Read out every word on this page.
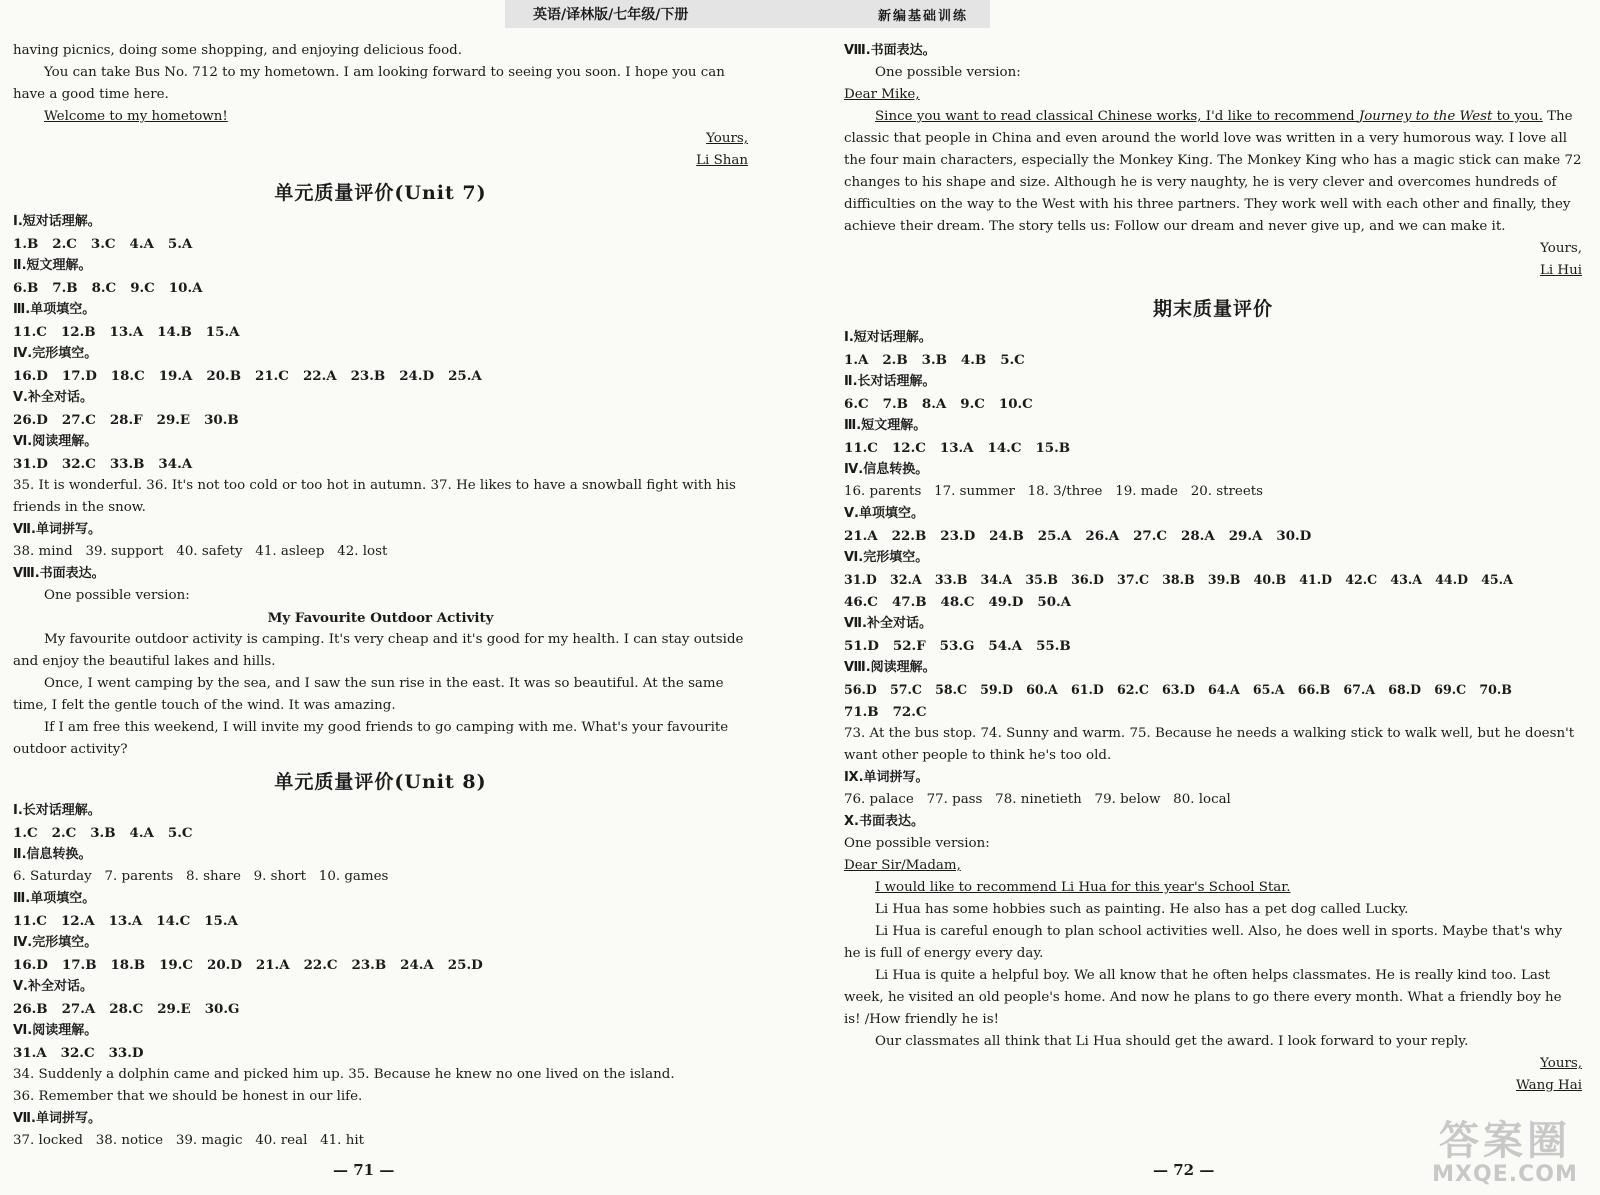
英语/译林版/七年级/下册	新编基础训练

having picnics, doing some shopping, and enjoying delicious food.

You can take Bus No. 712 to my hometown. I am looking forward to seeing you soon. I hope you can have a good time here.

Welcome to my hometown!

Yours,

Li Shan

单元质量评价(Unit 7)

Ⅰ.短对话理解。

1.B   2.C   3.C   4.A   5.A

Ⅱ.短文理解。

6.B   7.B   8.C   9.C   10.A

Ⅲ.单项填空。

11.C   12.B   13.A   14.B   15.A

Ⅳ.完形填空。

16.D   17.D   18.C   19.A   20.B   21.C   22.A   23.B   24.D   25.A

Ⅴ.补全对话。

26.D   27.C   28.F   29.E   30.B

Ⅵ.阅读理解。

31.D   32.C   33.B   34.A

35. It is wonderful. 36. It's not too cold or too hot in autumn. 37. He likes to have a snowball fight with his friends in the snow.

Ⅶ.单词拼写。

38. mind   39. support   40. safety   41. asleep   42. lost

Ⅷ.书面表达。

One possible version:

My Favourite Outdoor Activity

My favourite outdoor activity is camping. It's very cheap and it's good for my health. I can stay outside and enjoy the beautiful lakes and hills.

Once, I went camping by the sea, and I saw the sun rise in the east. It was so beautiful. At the same time, I felt the gentle touch of the wind. It was amazing.

If I am free this weekend, I will invite my good friends to go camping with me. What's your favourite outdoor activity?

单元质量评价(Unit 8)

Ⅰ.长对话理解。

1.C   2.C   3.B   4.A   5.C

Ⅱ.信息转换。

6. Saturday   7. parents   8. share   9. short   10. games

Ⅲ.单项填空。

11.C   12.A   13.A   14.C   15.A

Ⅳ.完形填空。

16.D   17.B   18.B   19.C   20.D   21.A   22.C   23.B   24.A   25.D

Ⅴ.补全对话。

26.B   27.A   28.C   29.E   30.G

Ⅵ.阅读理解。

31.A   32.C   33.D

34. Suddenly a dolphin came and picked him up. 35. Because he knew no one lived on the island.

36. Remember that we should be honest in our life.

Ⅶ.单词拼写。

37. locked   38. notice   39. magic   40. real   41. hit

Ⅷ.书面表达。

One possible version:

Dear Mike,

Since you want to read classical Chinese works, I'd like to recommend Journey to the West to you. The classic that people in China and even around the world love was written in a very humorous way. I love all the four main characters, especially the Monkey King. The Monkey King who has a magic stick can make 72 changes to his shape and size. Although he is very naughty, he is very clever and overcomes hundreds of difficulties on the way to the West with his three partners. They work well with each other and finally, they achieve their dream. The story tells us: Follow our dream and never give up, and we can make it.

Yours,

Li Hui

期末质量评价

Ⅰ.短对话理解。

1.A   2.B   3.B   4.B   5.C

Ⅱ.长对话理解。

6.C   7.B   8.A   9.C   10.C

Ⅲ.短文理解。

11.C   12.C   13.A   14.C   15.B

Ⅳ.信息转换。

16. parents   17. summer   18. 3/three   19. made   20. streets

Ⅴ.单项填空。

21.A   22.B   23.D   24.B   25.A   26.A   27.C   28.A   29.A   30.D

Ⅵ.完形填空。

31.D   32.A   33.B   34.A   35.B   36.D   37.C   38.B   39.B   40.B   41.D   42.C   43.A   44.D   45.A

46.C   47.B   48.C   49.D   50.A

Ⅶ.补全对话。

51.D   52.F   53.G   54.A   55.B

Ⅷ.阅读理解。

56.D   57.C   58.C   59.D   60.A   61.D   62.C   63.D   64.A   65.A   66.B   67.A   68.D   69.C   70.B

71.B   72.C

73. At the bus stop. 74. Sunny and warm. 75. Because he needs a walking stick to walk well, but he doesn't want other people to think he's too old.

Ⅸ.单词拼写。

76. palace   77. pass   78. ninetieth   79. below   80. local

Ⅹ.书面表达。

One possible version:

Dear Sir/Madam,

I would like to recommend Li Hua for this year's School Star.

Li Hua has some hobbies such as painting. He also has a pet dog called Lucky.

Li Hua is careful enough to plan school activities well. Also, he does well in sports. Maybe that's why he is full of energy every day.

Li Hua is quite a helpful boy. We all know that he often helps classmates. He is really kind too. Last week, he visited an old people's home. And now he plans to go there every month. What a friendly boy he is! /How friendly he is!

Our classmates all think that Li Hua should get the award. I look forward to your reply.

Yours,

Wang Hai

— 71 —	— 72 —
答案圈
MXQE.COM
